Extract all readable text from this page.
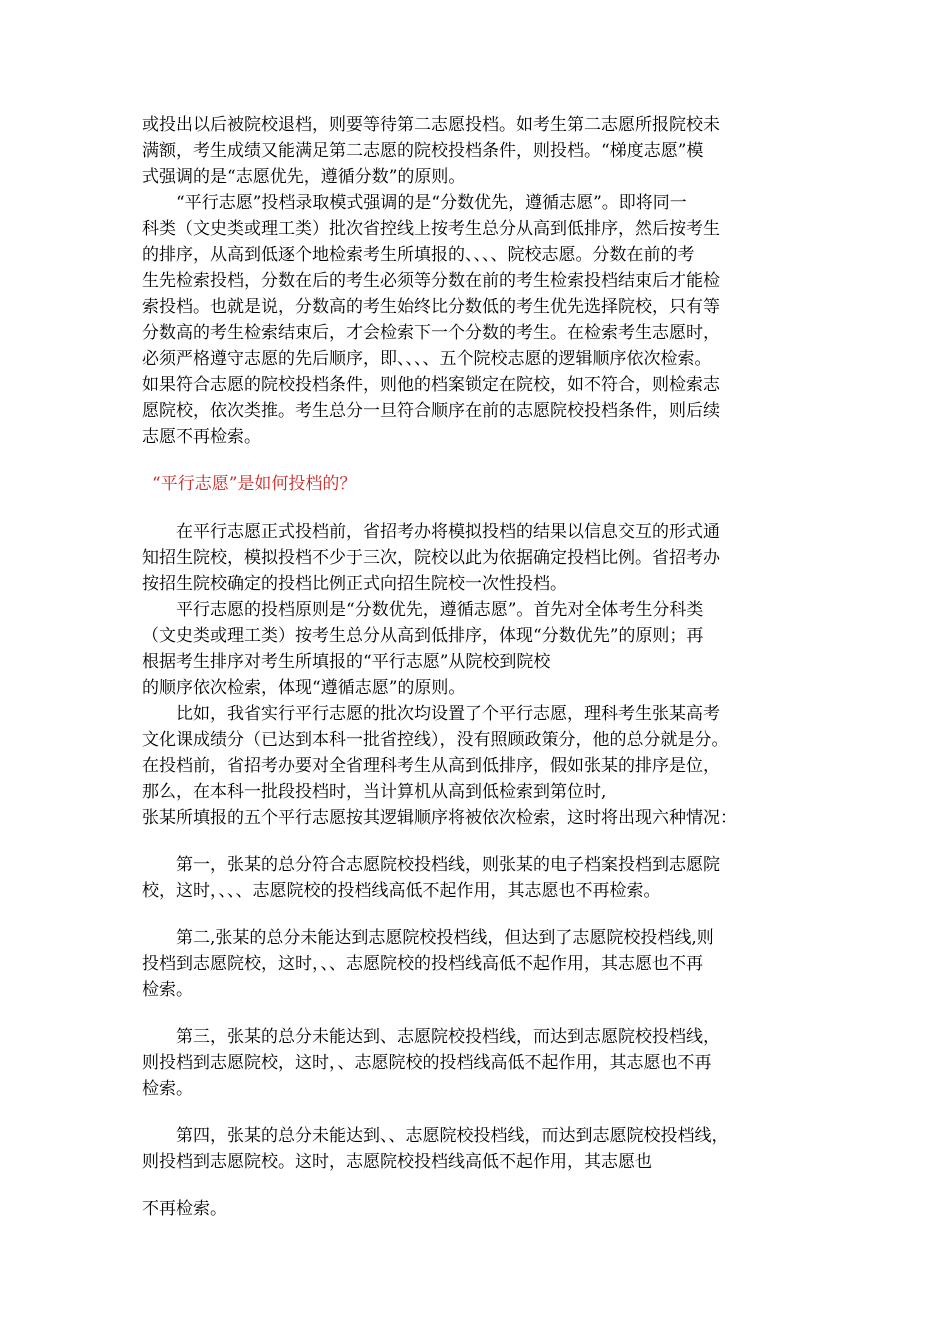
或投出以后被院校退档，则要等待第二志愿投档。如考生第二志愿所报院校未
满额，考生成绩又能满足第二志愿的院校投档条件，则投档。“梯度志愿”模
式强调的是“志愿优先，遵循分数”的原则。
　　“平行志愿”投档录取模式强调的是“分数优先，遵循志愿”。即将同一
科类（文史类或理工类）批次省控线上按考生总分从高到低排序，然后按考生
的排序，从高到低逐个地检索考生所填报的、、、、院校志愿。分数在前的考
生先检索投档，分数在后的考生必须等分数在前的考生检索投档结束后才能检
索投档。也就是说，分数高的考生始终比分数低的考生优先选择院校，只有等
分数高的考生检索结束后，才会检索下一个分数的考生。在检索考生志愿时，
必须严格遵守志愿的先后顺序，即、、、、五个院校志愿的逻辑顺序依次检索。
如果符合志愿的院校投档条件，则他的档案锁定在院校，如不符合，则检索志
愿院校，依次类推。考生总分一旦符合顺序在前的志愿院校投档条件，则后续
志愿不再检索。
“平行志愿”是如何投档的？
　　在平行志愿正式投档前，省招考办将模拟投档的结果以信息交互的形式通
知招生院校，模拟投档不少于三次，院校以此为依据确定投档比例。省招考办
按招生院校确定的投档比例正式向招生院校一次性投档。
　　平行志愿的投档原则是“分数优先，遵循志愿”。首先对全体考生分科类
（文史类或理工类）按考生总分从高到低排序，体现“分数优先”的原则；再
根据考生排序对考生所填报的“平行志愿”从院校到院校
的顺序依次检索，体现“遵循志愿”的原则。
　　比如，我省实行平行志愿的批次均设置了个平行志愿，理科考生张某高考
文化课成绩分（已达到本科一批省控线），没有照顾政策分，他的总分就是分。
在投档前，省招考办要对全省理科考生从高到低排序，假如张某的排序是位，
那么，在本科一批段投档时，当计算机从高到低检索到第位时,
张某所填报的五个平行志愿按其逻辑顺序将被依次检索，这时将出现六种情况：
　　第一，张某的总分符合志愿院校投档线，则张某的电子档案投档到志愿院
校，这时，、、、志愿院校的投档线高低不起作用，其志愿也不再检索。
　　第二,张某的总分未能达到志愿院校投档线，但达到了志愿院校投档线,则
投档到志愿院校，这时，、、志愿院校的投档线高低不起作用，其志愿也不再
检索。
　　第三，张某的总分未能达到、志愿院校投档线，而达到志愿院校投档线，
则投档到志愿院校，这时，、志愿院校的投档线高低不起作用，其志愿也不再
检索。
　　第四，张某的总分未能达到、、志愿院校投档线，而达到志愿院校投档线，
则投档到志愿院校。这时，志愿院校投档线高低不起作用，其志愿也
不再检索。
